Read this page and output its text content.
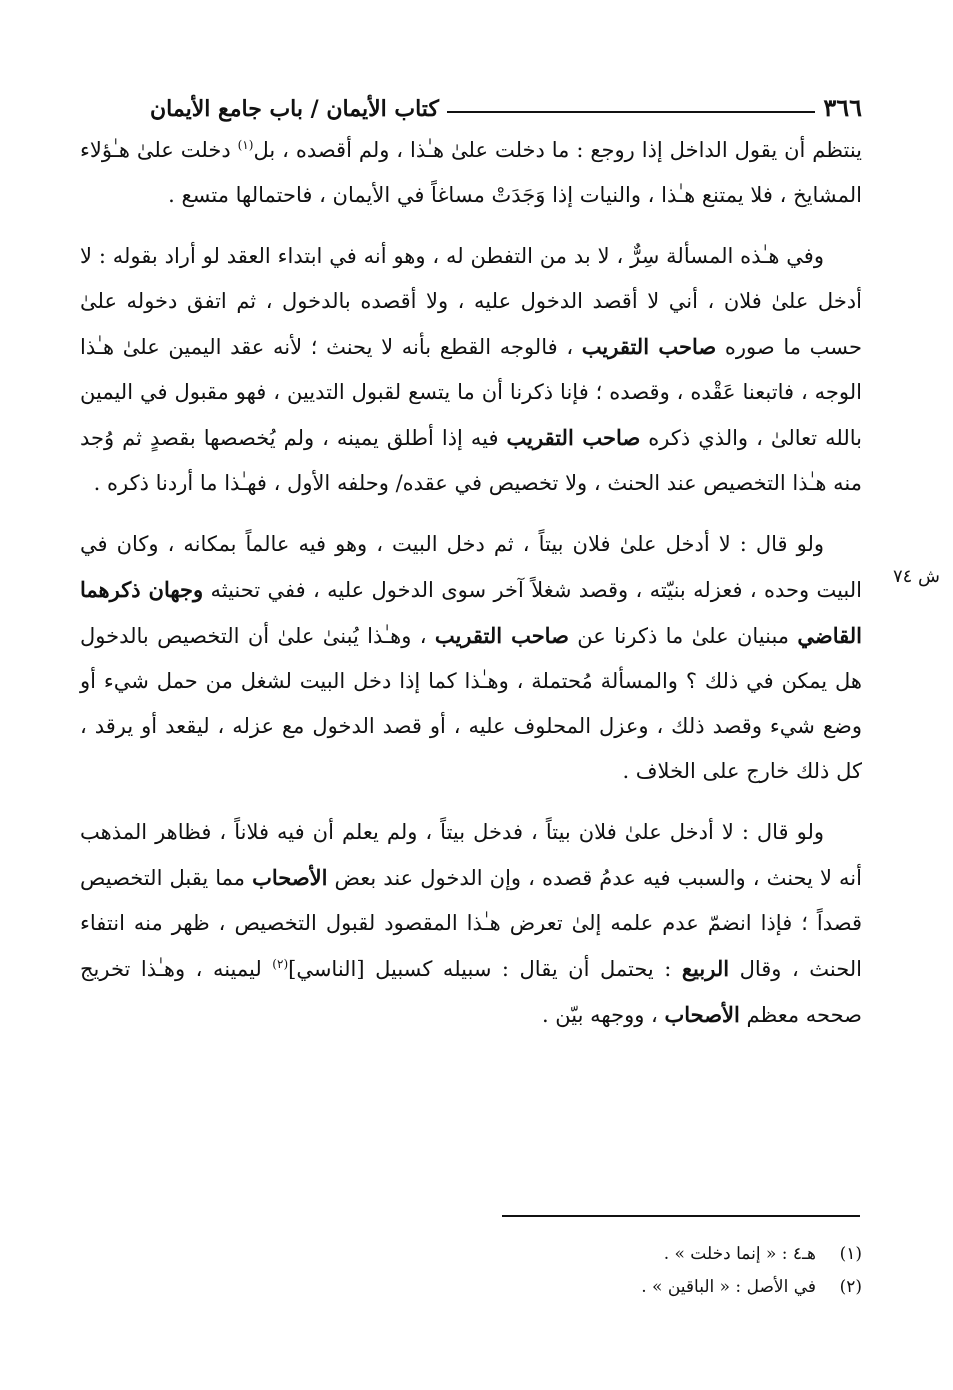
٣٦٦
كتاب الأيمان / باب جامع الأيمان

ينتظم أن يقول الداخل إذا روجع : ما دخلت علىٰ هـٰذا ، ولم أقصده ، بل$^{(١)}$ دخلت علىٰ هـٰؤلاء المشايخ ، فلا يمتنع هـٰذا ، والنيات إذا وَجَدَتْ مساغاً في الأيمان ، فاحتمالها متسع .

وفي هـٰذه المسألة سِرٌّ ، لا بد من التفطن له ، وهو أنه في ابتداء العقد لو أراد بقوله : لا أدخل علىٰ فلان ، أني لا أقصد الدخول عليه ، ولا أقصده بالدخول ، ثم اتفق دخوله علىٰ حسب ما صوره صاحب التقريب ، فالوجه القطع بأنه لا يحنث ؛ لأنه عقد اليمين علىٰ هـٰذا الوجه ، فاتبعنا عَقْده ، وقصده ؛ فإنا ذكرنا أن ما يتسع لقبول التديين ، فهو مقبول في اليمين بالله تعالىٰ ، والذي ذكره صاحب التقريب فيه إذا أطلق يمينه ، ولم يُخصصها بقصدٍ ثم وُجد منه هـٰذا التخصيص عند الحنث ، ولا تخصيص في عقده/ وحلفه الأول ، فهـٰذا ما أردنا ذكره .

ولو قال : لا أدخل علىٰ فلان بيتاً ، ثم دخل البيت ، وهو فيه عالماً بمكانه ، وكان في البيت وحده ، فعزله بنيّته ، وقصد شغلاً آخر سوى الدخول عليه ، ففي تحنيثه وجهان ذكرهما القاضي مبنيان علىٰ ما ذكرنا عن صاحب التقريب ، وهـٰذا يُبنىٰ علىٰ أن التخصيص بالدخول هل يمكن في ذلك ؟ والمسألة مُحتملة ، وهـٰذا كما إذا دخل البيت لشغل من حمل شيء أو وضع شيء وقصد ذلك ، وعزل المحلوف عليه ، أو قصد الدخول مع عزله ، ليقعد أو يرقد ، كل ذلك خارج على الخلاف .

ولو قال : لا أدخل علىٰ فلان بيتاً ، فدخل بيتاً ، ولم يعلم أن فيه فلاناً ، فظاهر المذهب أنه لا يحنث ، والسبب فيه عدمُ قصده ، وإن الدخول عند بعض الأصحاب مما يقبل التخصيص قصداً ؛ فإذا انضمّ عدم علمه إلىٰ تعرض هـٰذا المقصود لقبول التخصيص ، ظهر منه انتفاء الحنث ، وقال الربيع : يحتمل أن يقال : سبيله كسبيل [الناسي]$^{(٢)}$ ليمينه ، وهـٰذا تخريج صححه معظم الأصحاب ، ووجهه بيّن .

ش ٧٤
(١)
هـ٤ : « إنما دخلت » .
(٢)
في الأصل : « الباقين » .
